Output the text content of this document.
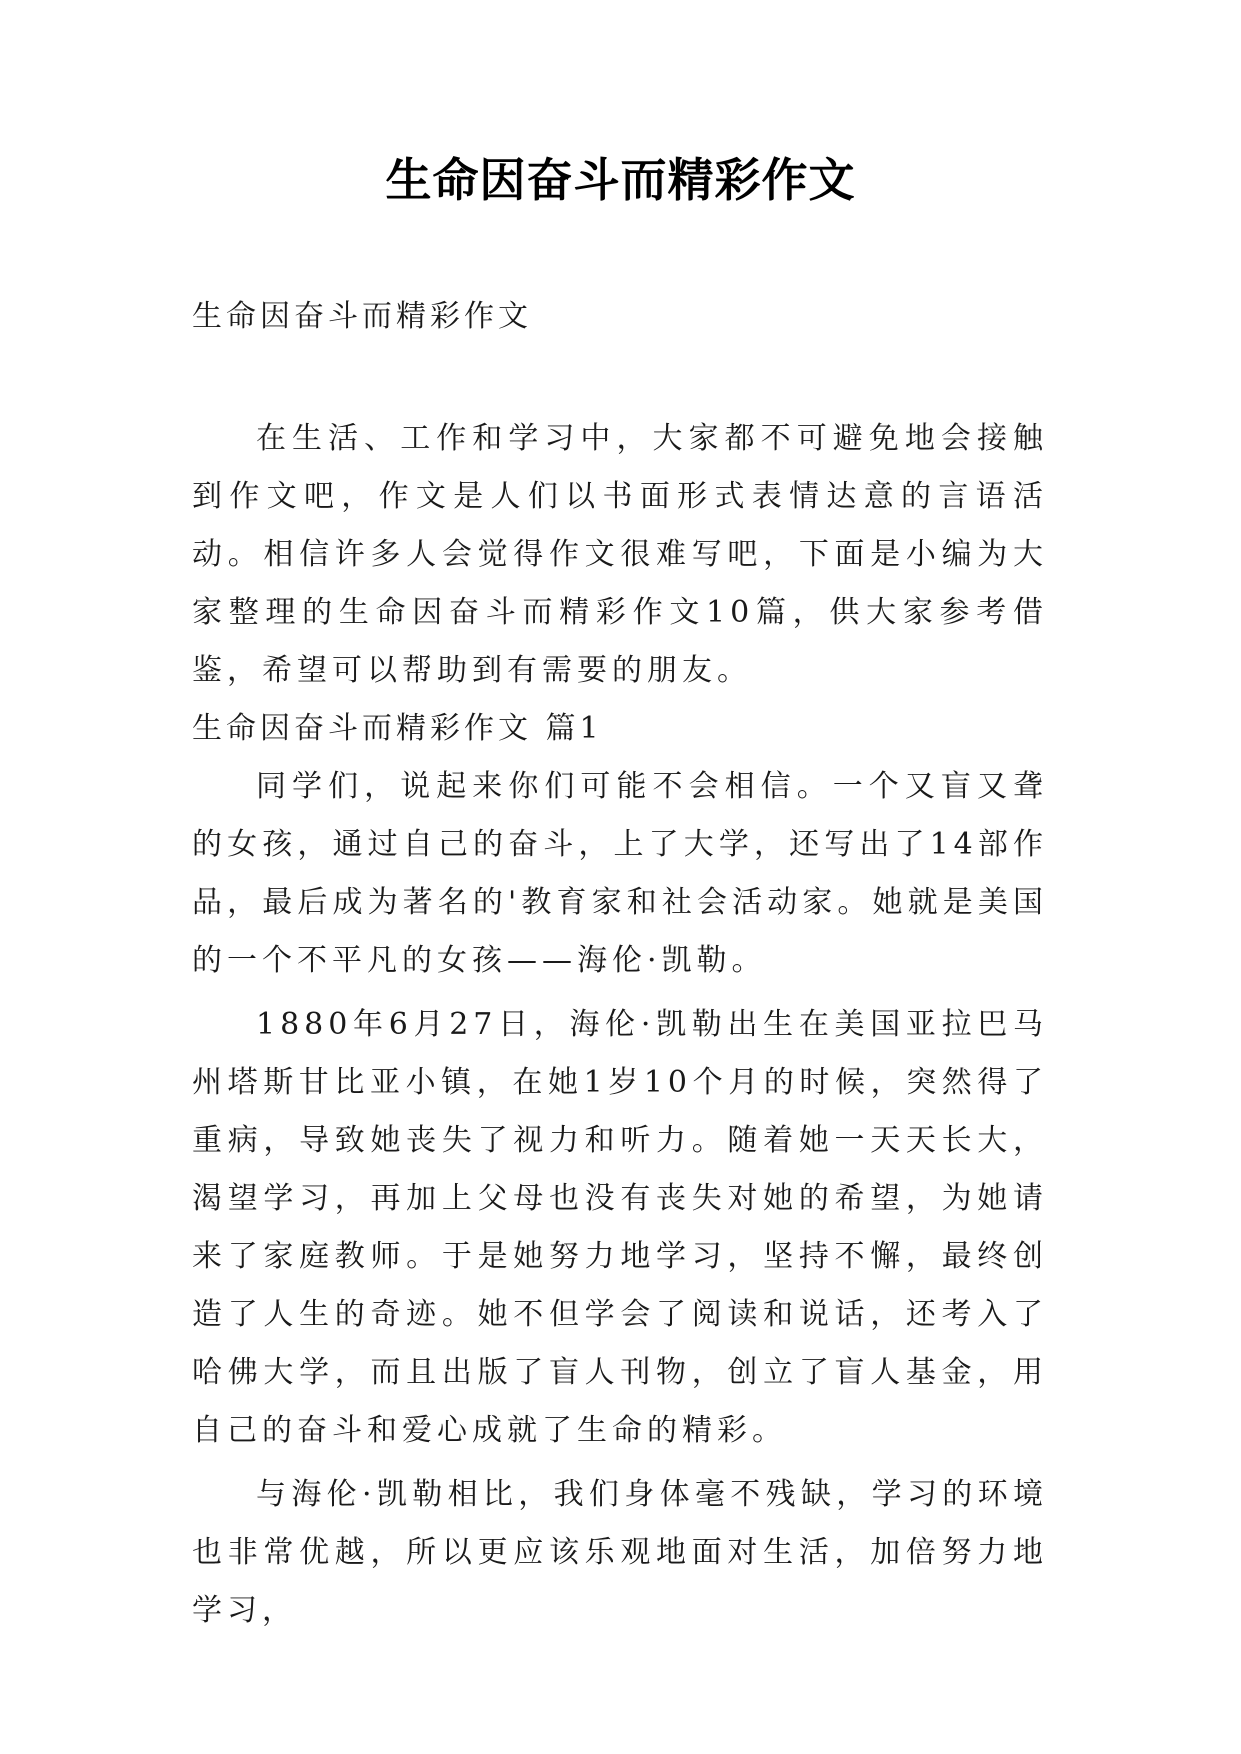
生命因奋斗而精彩作文

生命因奋斗而精彩作文

在生活、工作和学习中，大家都不可避免地会接触到作文吧，作文是人们以书面形式表情达意的言语活动。相信许多人会觉得作文很难写吧，下面是小编为大家整理的生命因奋斗而精彩作文10篇，供大家参考借鉴，希望可以帮助到有需要的朋友。

生命因奋斗而精彩作文 篇1

同学们，说起来你们可能不会相信。一个又盲又聋的女孩，通过自己的奋斗，上了大学，还写出了14部作品，最后成为著名的'教育家和社会活动家。她就是美国的一个不平凡的女孩——海伦·凯勒。

1880年6月27日，海伦·凯勒出生在美国亚拉巴马州塔斯甘比亚小镇，在她1岁10个月的时候，突然得了重病，导致她丧失了视力和听力。随着她一天天长大，渴望学习，再加上父母也没有丧失对她的希望，为她请来了家庭教师。于是她努力地学习，坚持不懈，最终创造了人生的奇迹。她不但学会了阅读和说话，还考入了哈佛大学，而且出版了盲人刊物，创立了盲人基金，用自己的奋斗和爱心成就了生命的精彩。

与海伦·凯勒相比，我们身体毫不残缺，学习的环境也非常优越，所以更应该乐观地面对生活，加倍努力地学习，
